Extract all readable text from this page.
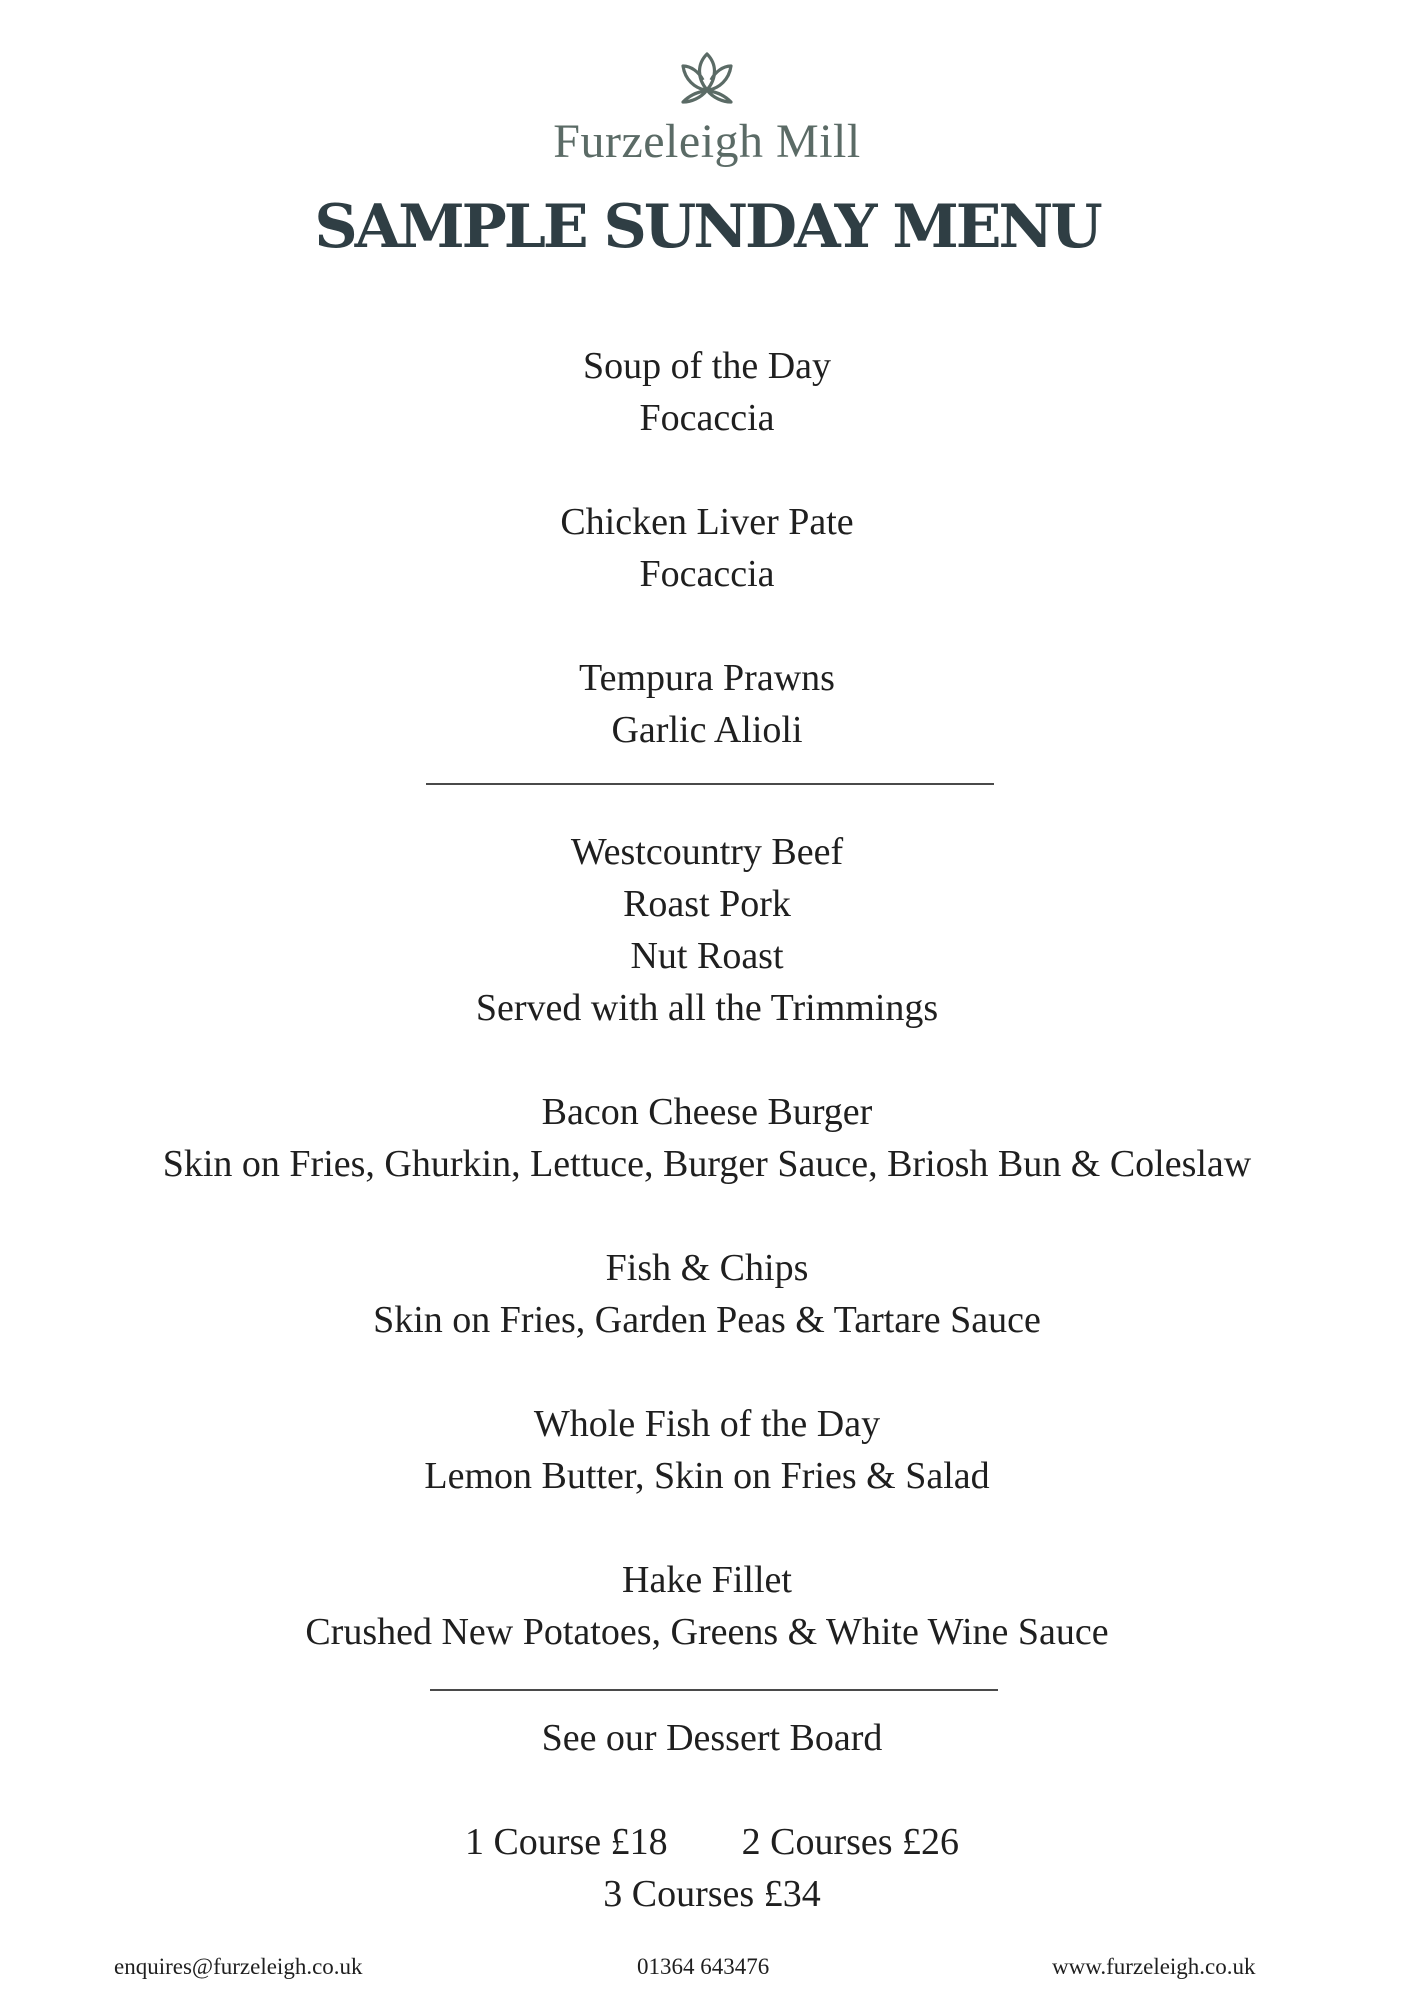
Furzeleigh Mill
SAMPLE SUNDAY MENU
Soup of the Day
Focaccia
Chicken Liver Pate
Focaccia
Tempura Prawns
Garlic Alioli
Westcountry Beef
Roast Pork
Nut Roast
Served with all the Trimmings
Bacon Cheese Burger
Skin on Fries, Ghurkin, Lettuce, Burger Sauce, Briosh Bun & Coleslaw
Fish & Chips
Skin on Fries, Garden Peas & Tartare Sauce
Whole Fish of the Day
Lemon Butter, Skin on Fries & Salad
Hake Fillet
Crushed New Potatoes, Greens & White Wine Sauce
See our Dessert Board
1 Course £18 2 Courses £26
3 Courses £34
enquires@furzeleigh.co.uk	01364 643476	www.furzeleigh.co.uk
